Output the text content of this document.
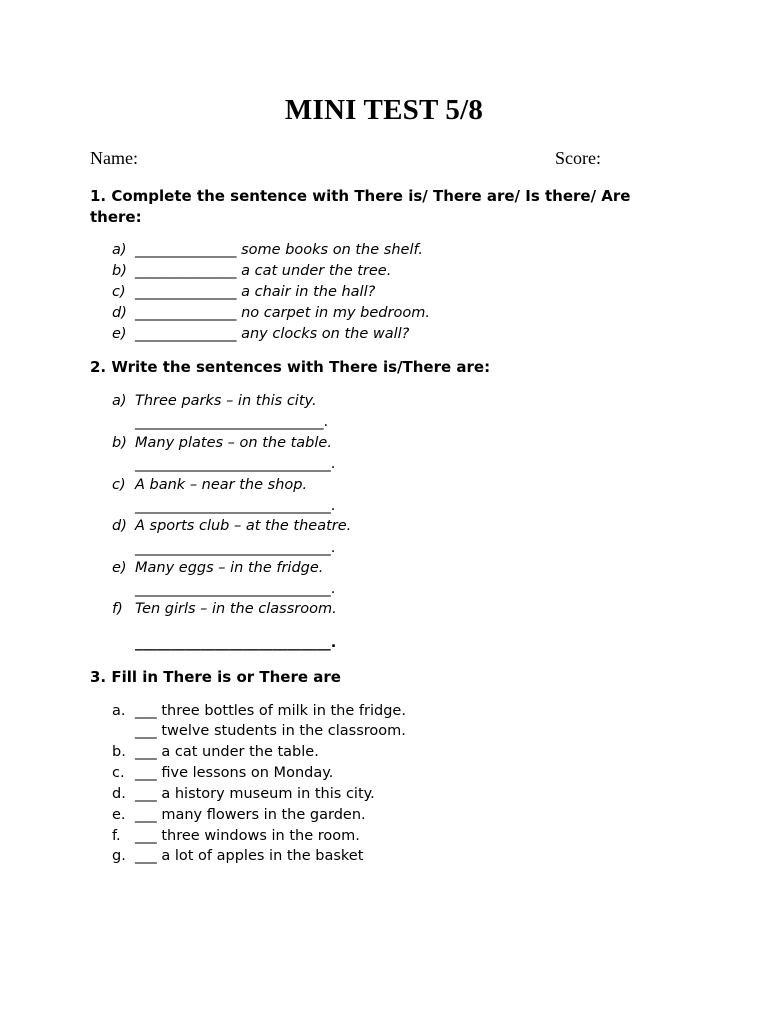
MINI TEST 5/8
Name:	Score:
1. Complete the sentence with There is/ There are/ Is there/ Are there:
a) ______________ some books on the shelf.
b) ______________ a cat under the tree.
c) ______________ a chair in the hall?
d) ______________ no carpet in my bedroom.
e) ______________ any clocks on the wall?
2. Write the sentences with There is/There are:
a) Three parks – in this city.
__________________________.
b) Many plates – on the table.
___________________________.
c) A bank – near the shop.
___________________________.
d) A sports club – at the theatre.
___________________________.
e) Many eggs – in the fridge.
___________________________.
f) Ten girls – in the classroom.
___________________________.
3. Fill in There is or There are
a. ___ three bottles of milk in the fridge.
___ twelve students in the classroom.
b. ___ a cat under the table.
c. ___ five lessons on Monday.
d. ___ a history museum in this city.
e. ___ many flowers in the garden.
f. ___ three windows in the room.
g. ___ a lot of apples in the basket
